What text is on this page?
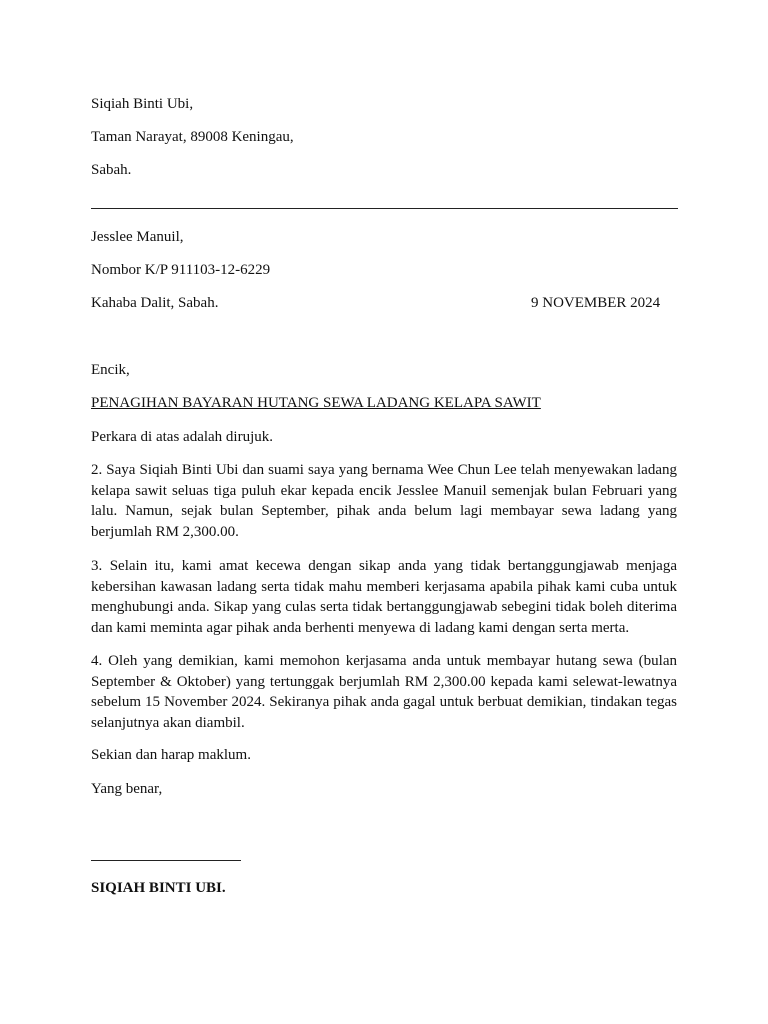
Siqiah Binti Ubi,
Taman Narayat, 89008 Keningau,
Sabah.
Jesslee Manuil,
Nombor K/P 911103-12-6229
Kahaba Dalit, Sabah.	9 NOVEMBER 2024
Encik,
PENAGIHAN BAYARAN HUTANG SEWA LADANG KELAPA SAWIT
Perkara di atas adalah dirujuk.
2. Saya Siqiah Binti Ubi dan suami saya yang bernama Wee Chun Lee telah menyewakan ladang kelapa sawit seluas tiga puluh ekar kepada encik Jesslee Manuil semenjak bulan Februari yang lalu. Namun, sejak bulan September, pihak anda belum lagi membayar sewa ladang yang berjumlah RM 2,300.00.
3. Selain itu, kami amat kecewa dengan sikap anda yang tidak bertanggungjawab menjaga kebersihan kawasan ladang serta tidak mahu memberi kerjasama apabila pihak kami cuba untuk menghubungi anda. Sikap yang culas serta tidak bertanggungjawab sebegini tidak boleh diterima dan kami meminta agar pihak anda berhenti menyewa di ladang kami dengan serta merta.
4. Oleh yang demikian, kami memohon kerjasama anda untuk membayar hutang sewa (bulan September & Oktober) yang tertunggak berjumlah RM 2,300.00 kepada kami selewat-lewatnya sebelum 15 November 2024. Sekiranya pihak anda gagal untuk berbuat demikian, tindakan tegas selanjutnya akan diambil.
Sekian dan harap maklum.
Yang benar,
SIQIAH BINTI UBI.
